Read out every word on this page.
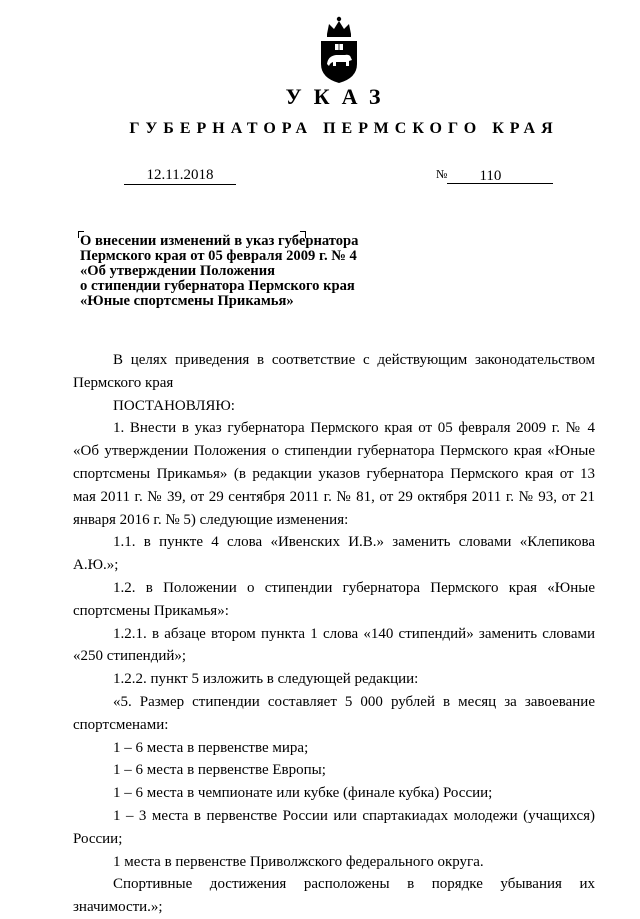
УКАЗ
ГУБЕРНАТОРА ПЕРМСКОГО КРАЯ
12.11.2018	№ 110
О внесении изменений в указ губернатора
Пермского края от 05 февраля 2009 г. № 4
«Об утверждении Положения
о стипендии губернатора Пермского края
«Юные спортсмены Прикамья»

В целях приведения в соответствие с действующим законодательством Пермского края

ПОСТАНОВЛЯЮ:

1. Внести в указ губернатора Пермского края от 05 февраля 2009 г. № 4 «Об утверждении Положения о стипендии губернатора Пермского края «Юные спортсмены Прикамья» (в редакции указов губернатора Пермского края от 13 мая 2011 г. № 39, от 29 сентября 2011 г. № 81, от 29 октября 2011 г. № 93, от 21 января 2016 г. № 5) следующие изменения:

1.1. в пункте 4 слова «Ивенских И.В.» заменить словами «Клепикова А.Ю.»;

1.2. в Положении о стипендии губернатора Пермского края «Юные спортсмены Прикамья»:

1.2.1. в абзаце втором пункта 1 слова «140 стипендий» заменить словами «250 стипендий»;

1.2.2. пункт 5 изложить в следующей редакции:

«5. Размер стипендии составляет 5 000 рублей в месяц за завоевание спортсменами:

1 – 6 места в первенстве мира;

1 – 6 места в первенстве Европы;

1 – 6 места в чемпионате или кубке (финале кубка) России;

1 – 3 места в первенстве России или спартакиадах молодежи (учащихся) России;

1 места в первенстве Приволжского федерального округа.

Спортивные достижения расположены в порядке убывания их значимости.»;
